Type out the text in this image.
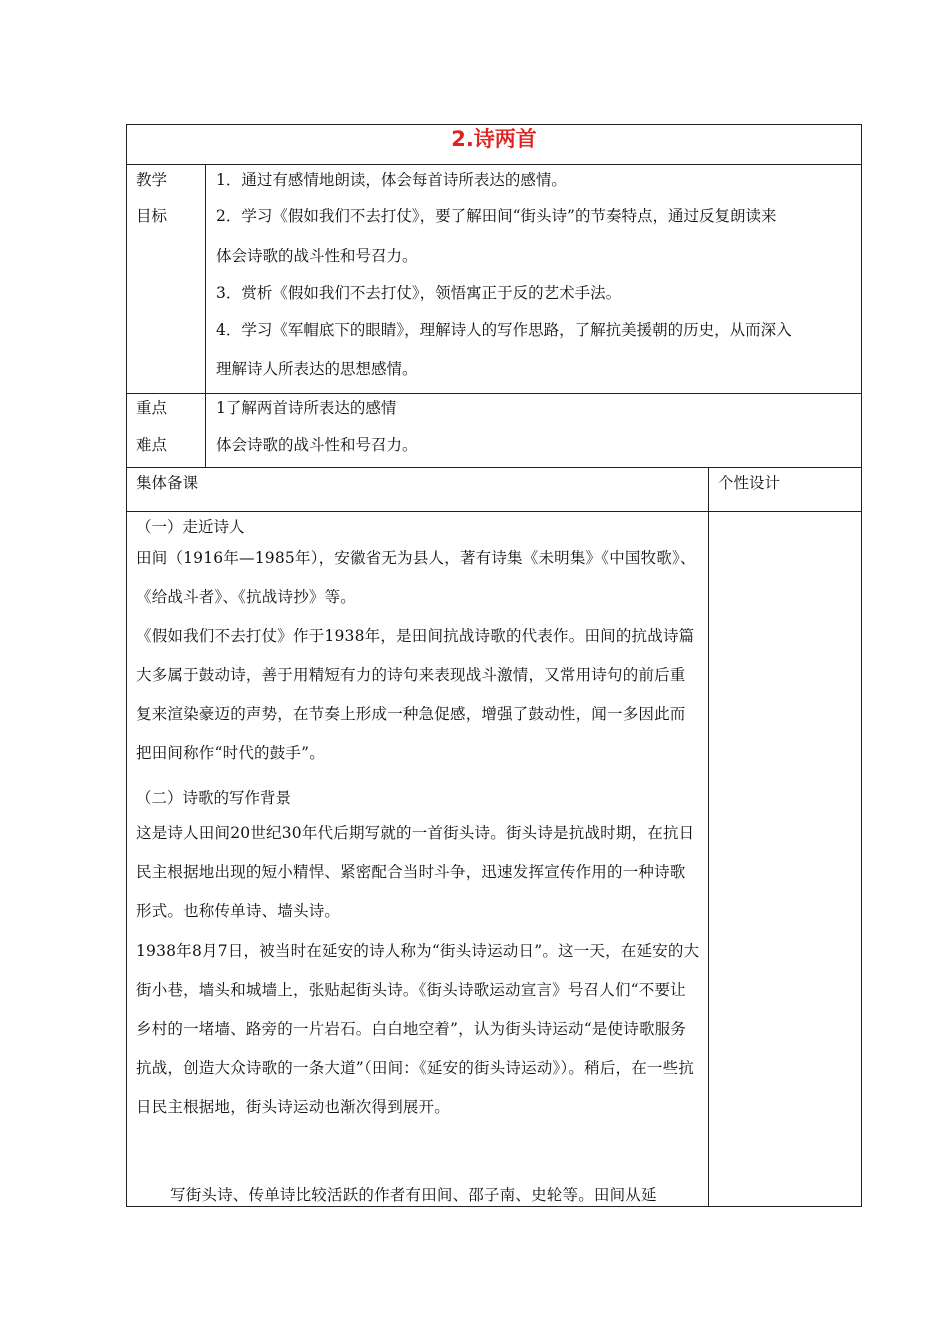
2.诗两首
教学
目标
1．通过有感情地朗读，体会每首诗所表达的感情。
2．学习《假如我们不去打仗》，要了解田间“街头诗”的节奏特点，通过反复朗读来
体会诗歌的战斗性和号召力。
3．赏析《假如我们不去打仗》，领悟寓正于反的艺术手法。
4．学习《军帽底下的眼睛》，理解诗人的写作思路，了解抗美援朝的历史，从而深入
理解诗人所表达的思想感情。
重点
难点
1了解两首诗所表达的感情
体会诗歌的战斗性和号召力。
集体备课	个性设计
（一）走近诗人
田间（1916年—1985年），安徽省无为县人，著有诗集《未明集》《中国牧歌》、《给战斗者》、《抗战诗抄》等。
《假如我们不去打仗》作于1938年，是田间抗战诗歌的代表作。田间的抗战诗篇大多属于鼓动诗，善于用精短有力的诗句来表现战斗激情，又常用诗句的前后重复来渲染豪迈的声势，在节奏上形成一种急促感，增强了鼓动性，闻一多因此而把田间称作“时代的鼓手”。
（二）诗歌的写作背景
这是诗人田间20世纪30年代后期写就的一首街头诗。街头诗是抗战时期，在抗日民主根据地出现的短小精悍、紧密配合当时斗争，迅速发挥宣传作用的一种诗歌形式。也称传单诗、墙头诗。
1938年8月7日，被当时在延安的诗人称为“街头诗运动日”。这一天，在延安的大街小巷，墙头和城墙上，张贴起街头诗。《街头诗歌运动宣言》号召人们“不要让乡村的一堵墙、路旁的一片岩石。白白地空着”，认为街头诗运动“是使诗歌服务抗战，创造大众诗歌的一条大道”（田间：《延安的街头诗运动》）。稍后，在一些抗日民主根据地，街头诗运动也渐次得到展开。
写街头诗、传单诗比较活跃的作者有田间、邵子南、史轮等。田间从延
